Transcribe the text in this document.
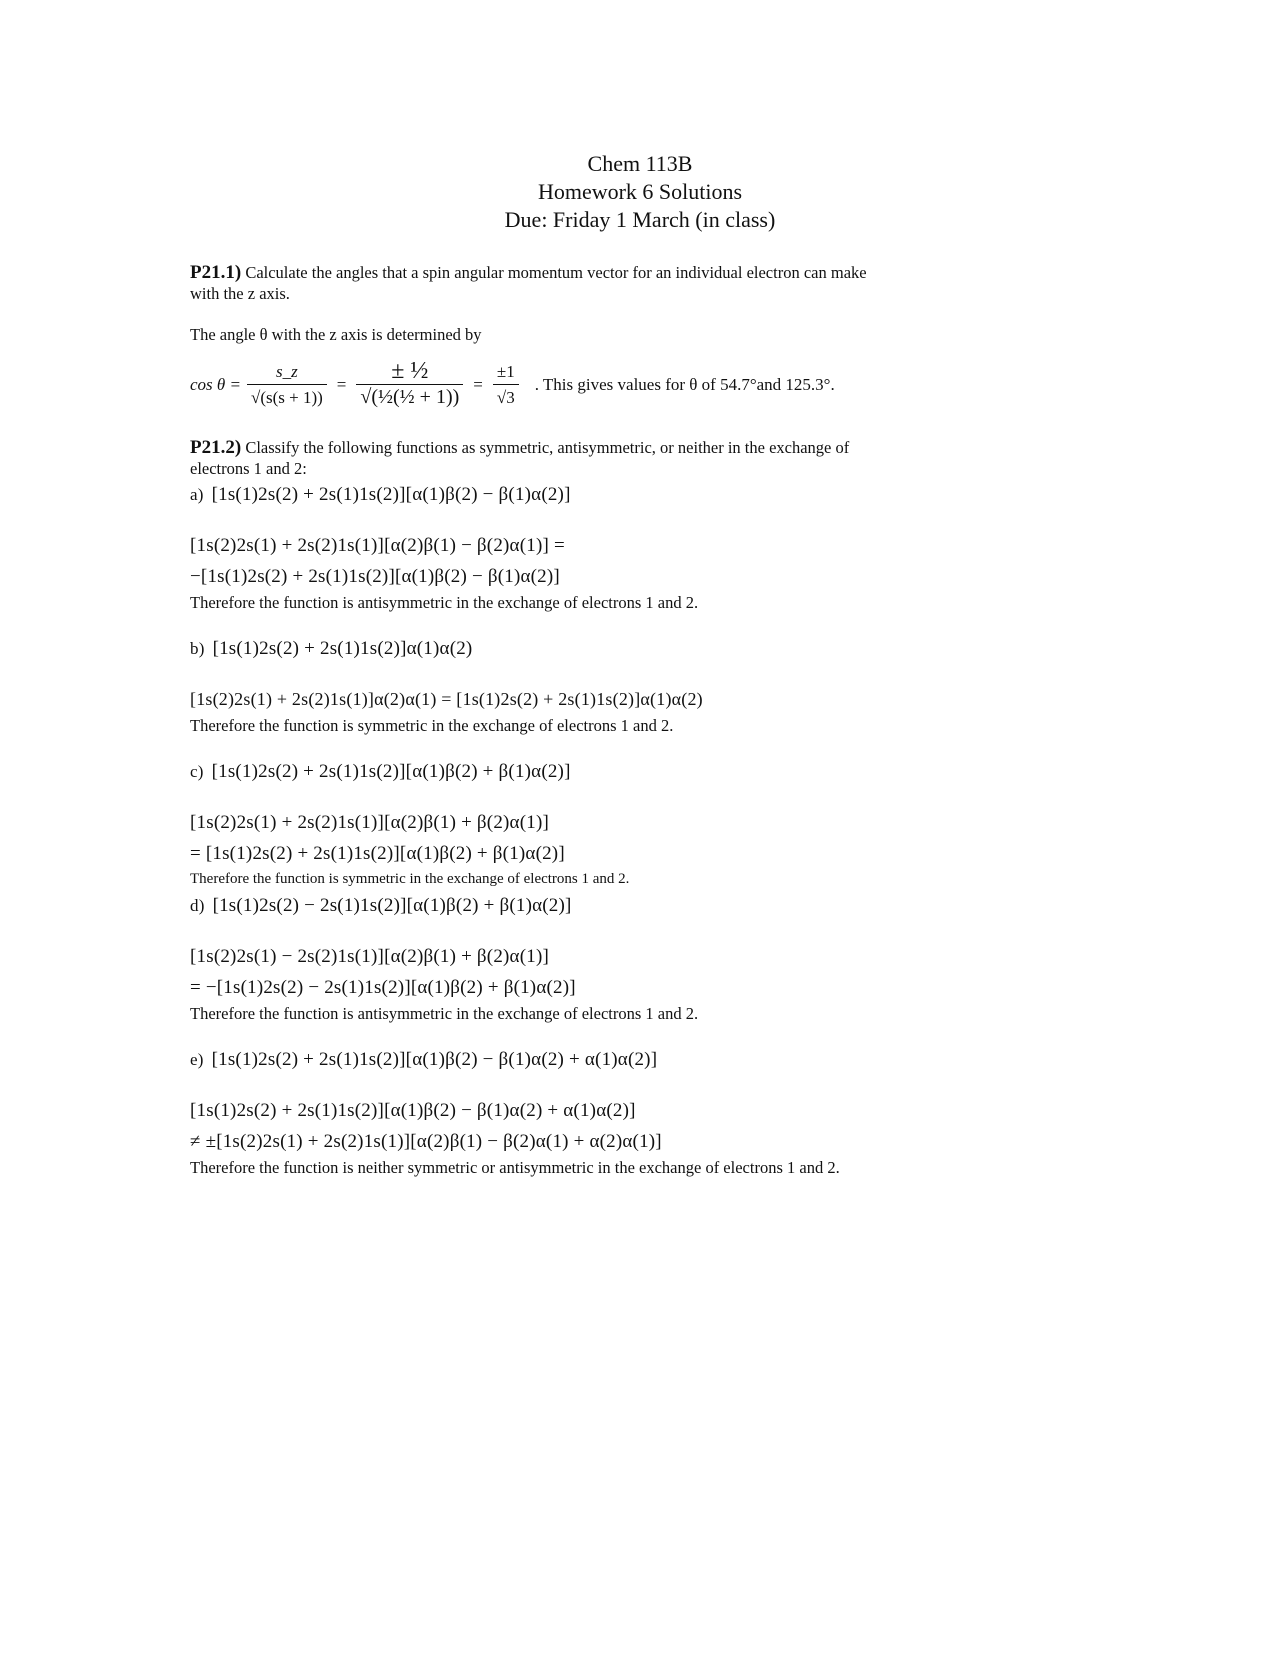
Chem 113B
Homework 6 Solutions
Due: Friday 1 March (in class)

P21.1) Calculate the angles that a spin angular momentum vector for an individual electron can make with the z axis.

The angle θ with the z axis is determined by

$\cos \theta = \frac{s\_z}{√(s(s + 1))} = \frac{\text{± ½}}{\text{√(½(½ + 1))}} = \frac{\pm 1}{√3}$ . This gives values for θ of 54.7°and 125.3°.

P21.2) Classify the following functions as symmetric, antisymmetric, or neither in the exchange of electrons 1 and 2:

a) [1s(1)2s(2) + 2s(1)1s(2)][α(1)β(2) − β(1)α(2)]
[1s(2)2s(1) + 2s(2)1s(1)][α(2)β(1) − β(2)α(1)] =
−[1s(1)2s(2) + 2s(1)1s(2)][α(1)β(2) − β(1)α(2)]

Therefore the function is antisymmetric in the exchange of electrons 1 and 2.

b) [1s(1)2s(2) + 2s(1)1s(2)]α(1)α(2)
[1s(2)2s(1) + 2s(2)1s(1)]α(2)α(1) = [1s(1)2s(2) + 2s(1)1s(2)]α(1)α(2)

Therefore the function is symmetric in the exchange of electrons 1 and 2.

c) [1s(1)2s(2) + 2s(1)1s(2)][α(1)β(2) + β(1)α(2)]
[1s(2)2s(1) + 2s(2)1s(1)][α(2)β(1) + β(2)α(1)]
= [1s(1)2s(2) + 2s(1)1s(2)][α(1)β(2) + β(1)α(2)]

Therefore the function is symmetric in the exchange of electrons 1 and 2.

d) [1s(1)2s(2) − 2s(1)1s(2)][α(1)β(2) + β(1)α(2)]
[1s(2)2s(1) − 2s(2)1s(1)][α(2)β(1) + β(2)α(1)]
= −[1s(1)2s(2) − 2s(1)1s(2)][α(1)β(2) + β(1)α(2)]

Therefore the function is antisymmetric in the exchange of electrons 1 and 2.

e) [1s(1)2s(2) + 2s(1)1s(2)][α(1)β(2) − β(1)α(2) + α(1)α(2)]
[1s(1)2s(2) + 2s(1)1s(2)][α(1)β(2) − β(1)α(2) + α(1)α(2)]
≠ ±[1s(2)2s(1) + 2s(2)1s(1)][α(2)β(1) − β(2)α(1) + α(2)α(1)]

Therefore the function is neither symmetric or antisymmetric in the exchange of electrons 1 and 2.
